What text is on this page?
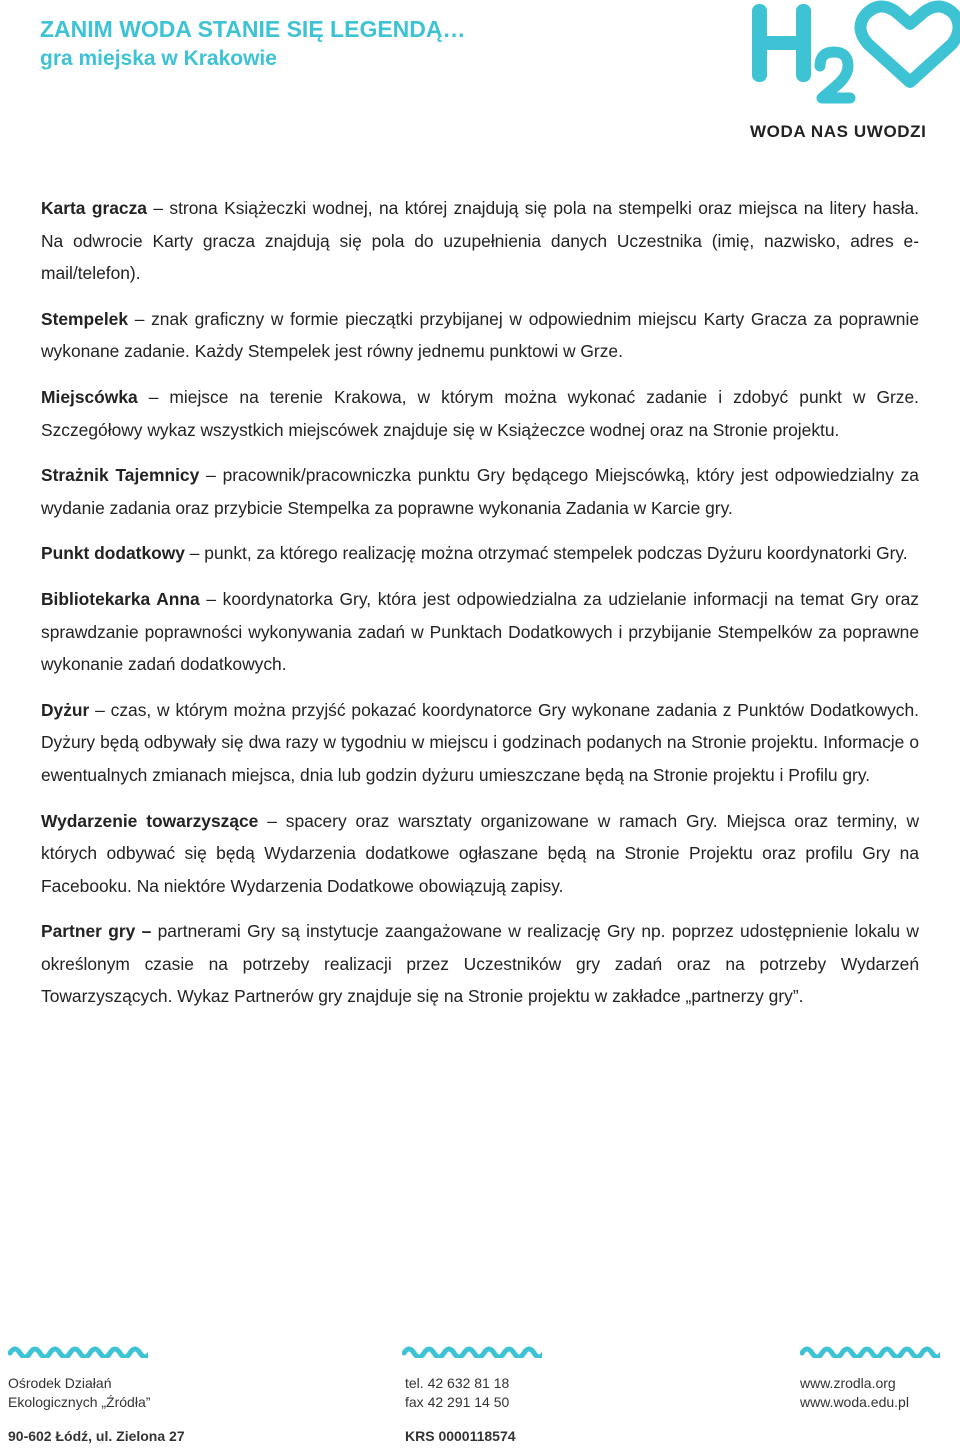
ZANIM WODA STANIE SIĘ LEGENDĄ…
gra miejska w Krakowie
WODA NAS UWODZI

Karta gracza – strona Książeczki wodnej, na której znajdują się pola na stempelki oraz miejsca na litery hasła. Na odwrocie Karty gracza znajdują się pola do uzupełnienia danych Uczestnika (imię, nazwisko, adres e-mail/telefon).

Stempelek – znak graficzny w formie pieczątki przybijanej w odpowiednim miejscu Karty Gracza za poprawnie wykonane zadanie. Każdy Stempelek jest równy jednemu punktowi w Grze.

Miejscówka – miejsce na terenie Krakowa, w którym można wykonać zadanie i zdobyć punkt w Grze. Szczegółowy wykaz wszystkich miejscówek znajduje się w Książeczce wodnej oraz na Stronie projektu.

Strażnik Tajemnicy – pracownik/pracowniczka punktu Gry będącego Miejscówką, który jest odpowiedzialny za wydanie zadania oraz przybicie Stempelka za poprawne wykonania Zadania w Karcie gry.

Punkt dodatkowy – punkt, za którego realizację można otrzymać stempelek podczas Dyżuru koordynatorki Gry.

Bibliotekarka Anna – koordynatorka Gry, która jest odpowiedzialna za udzielanie informacji na temat Gry oraz sprawdzanie poprawności wykonywania zadań w Punktach Dodatkowych i przybijanie Stempelków za poprawne wykonanie zadań dodatkowych.

Dyżur – czas, w którym można przyjść pokazać koordynatorce Gry wykonane zadania z Punktów Dodatkowych. Dyżury będą odbywały się dwa razy w tygodniu w miejscu i godzinach podanych na Stronie projektu. Informacje o ewentualnych zmianach miejsca, dnia lub godzin dyżuru umieszczane będą na Stronie projektu i Profilu gry.

Wydarzenie towarzyszące – spacery oraz warsztaty organizowane w ramach Gry. Miejsca oraz terminy, w których odbywać się będą Wydarzenia dodatkowe ogłaszane będą na Stronie Projektu oraz profilu Gry na Facebooku. Na niektóre Wydarzenia Dodatkowe obowiązują zapisy.

Partner gry – partnerami Gry są instytucje zaangażowane w realizację Gry np. poprzez udostępnienie lokalu w określonym czasie na potrzeby realizacji przez Uczestników gry zadań oraz na potrzeby Wydarzeń Towarzyszących. Wykaz Partnerów gry znajduje się na Stronie projektu w zakładce „partnerzy gry”.

Ośrodek Działań
Ekologicznych „Źródła”
tel. 42 632 81 18
fax 42 291 14 50
www.zrodla.org
www.woda.edu.pl
90-602 Łódź, ul. Zielona 27	KRS 0000118574
